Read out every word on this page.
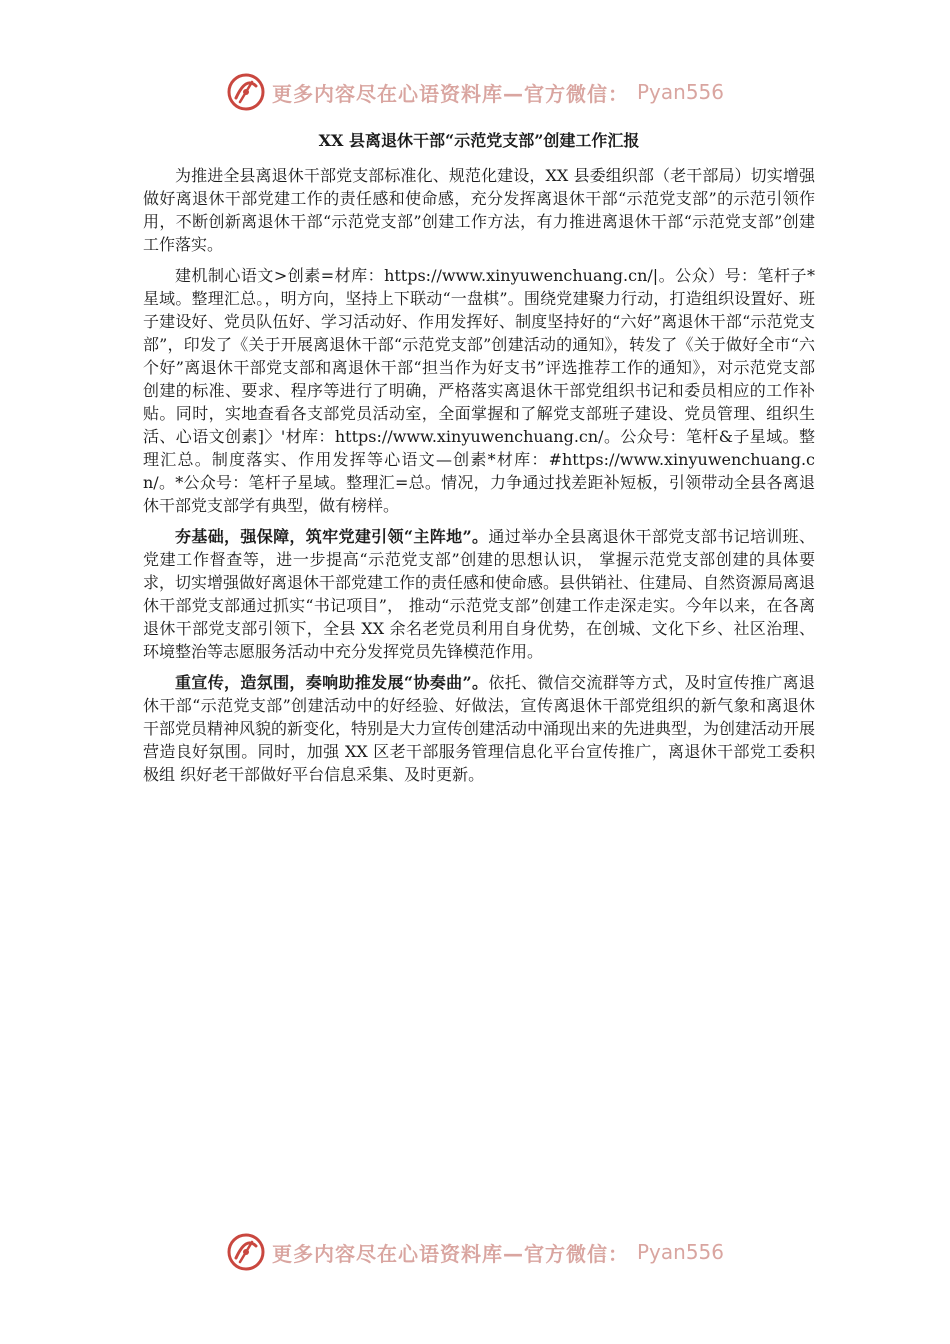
更多内容尽在心语资料库—官方微信： Pyan556
XX 县离退休干部“示范党支部”创建工作汇报

为推进全县离退休干部党支部标准化、规范化建设，XX 县委组织部（老干部局）切实增强做好离退休干部党建工作的责任感和使命感，充分发挥离退休干部“示范党支部”的示范引领作用，不断创新离退休干部“示范党支部”创建工作方法，有力推进离退休干部“示范党支部”创建工作落实。

建机制心语文>创素=材库：https://www.xinyuwenchuang.cn/|。公众）号：笔杆子*星域。整理汇总。，明方向，坚持上下联动“一盘棋”。围绕党建聚力行动，打造组织设置好、班子建设好、党员队伍好、学习活动好、作用发挥好、制度坚持好的“六好”离退休干部“示范党支部”，印发了《关于开展离退休干部“示范党支部”创建活动的通知》，转发了《关于做好全市“六个好”离退休干部党支部和离退休干部“担当作为好支书”评选推荐工作的通知》，对示范党支部创建的标准、要求、程序等进行了明确，严格落实离退休干部党组织书记和委员相应的工作补贴。同时，实地查看各支部党员活动室，全面掌握和了解党支部班子建设、党员管理、组织生活、心语文创素]〉'材库：https://www.xinyuwenchuang.cn/。公众号：笔杆&子星域。整理汇总。制度落实、作用发挥等心语文—创素*材库：#https://www.xinyuwenchuang.cn/。*公众号：笔杆子星域。整理汇=总。情况，力争通过找差距补短板，引领带动全县各离退休干部党支部学有典型，做有榜样。

夯基础，强保障，筑牢党建引领“主阵地”。通过举办全县离退休干部党支部书记培训班、党建工作督查等，进一步提高“示范党支部”创建的思想认识， 掌握示范党支部创建的具体要求，切实增强做好离退休干部党建工作的责任感和使命感。县供销社、住建局、自然资源局离退休干部党支部通过抓实“书记项目”， 推动“示范党支部”创建工作走深走实。今年以来，在各离退休干部党支部引领下，全县 XX 余名老党员利用自身优势，在创城、文化下乡、社区治理、环境整治等志愿服务活动中充分发挥党员先锋模范作用。

重宣传，造氛围，奏响助推发展“协奏曲”。依托、微信交流群等方式，及时宣传推广离退休干部“示范党支部”创建活动中的好经验、好做法，宣传离退休干部党组织的新气象和离退休干部党员精神风貌的新变化，特别是大力宣传创建活动中涌现出来的先进典型，为创建活动开展营造良好氛围。同时，加强 XX 区老干部服务管理信息化平台宣传推广，离退休干部党工委积极组 织好老干部做好平台信息采集、及时更新。

更多内容尽在心语资料库—官方微信： Pyan556
